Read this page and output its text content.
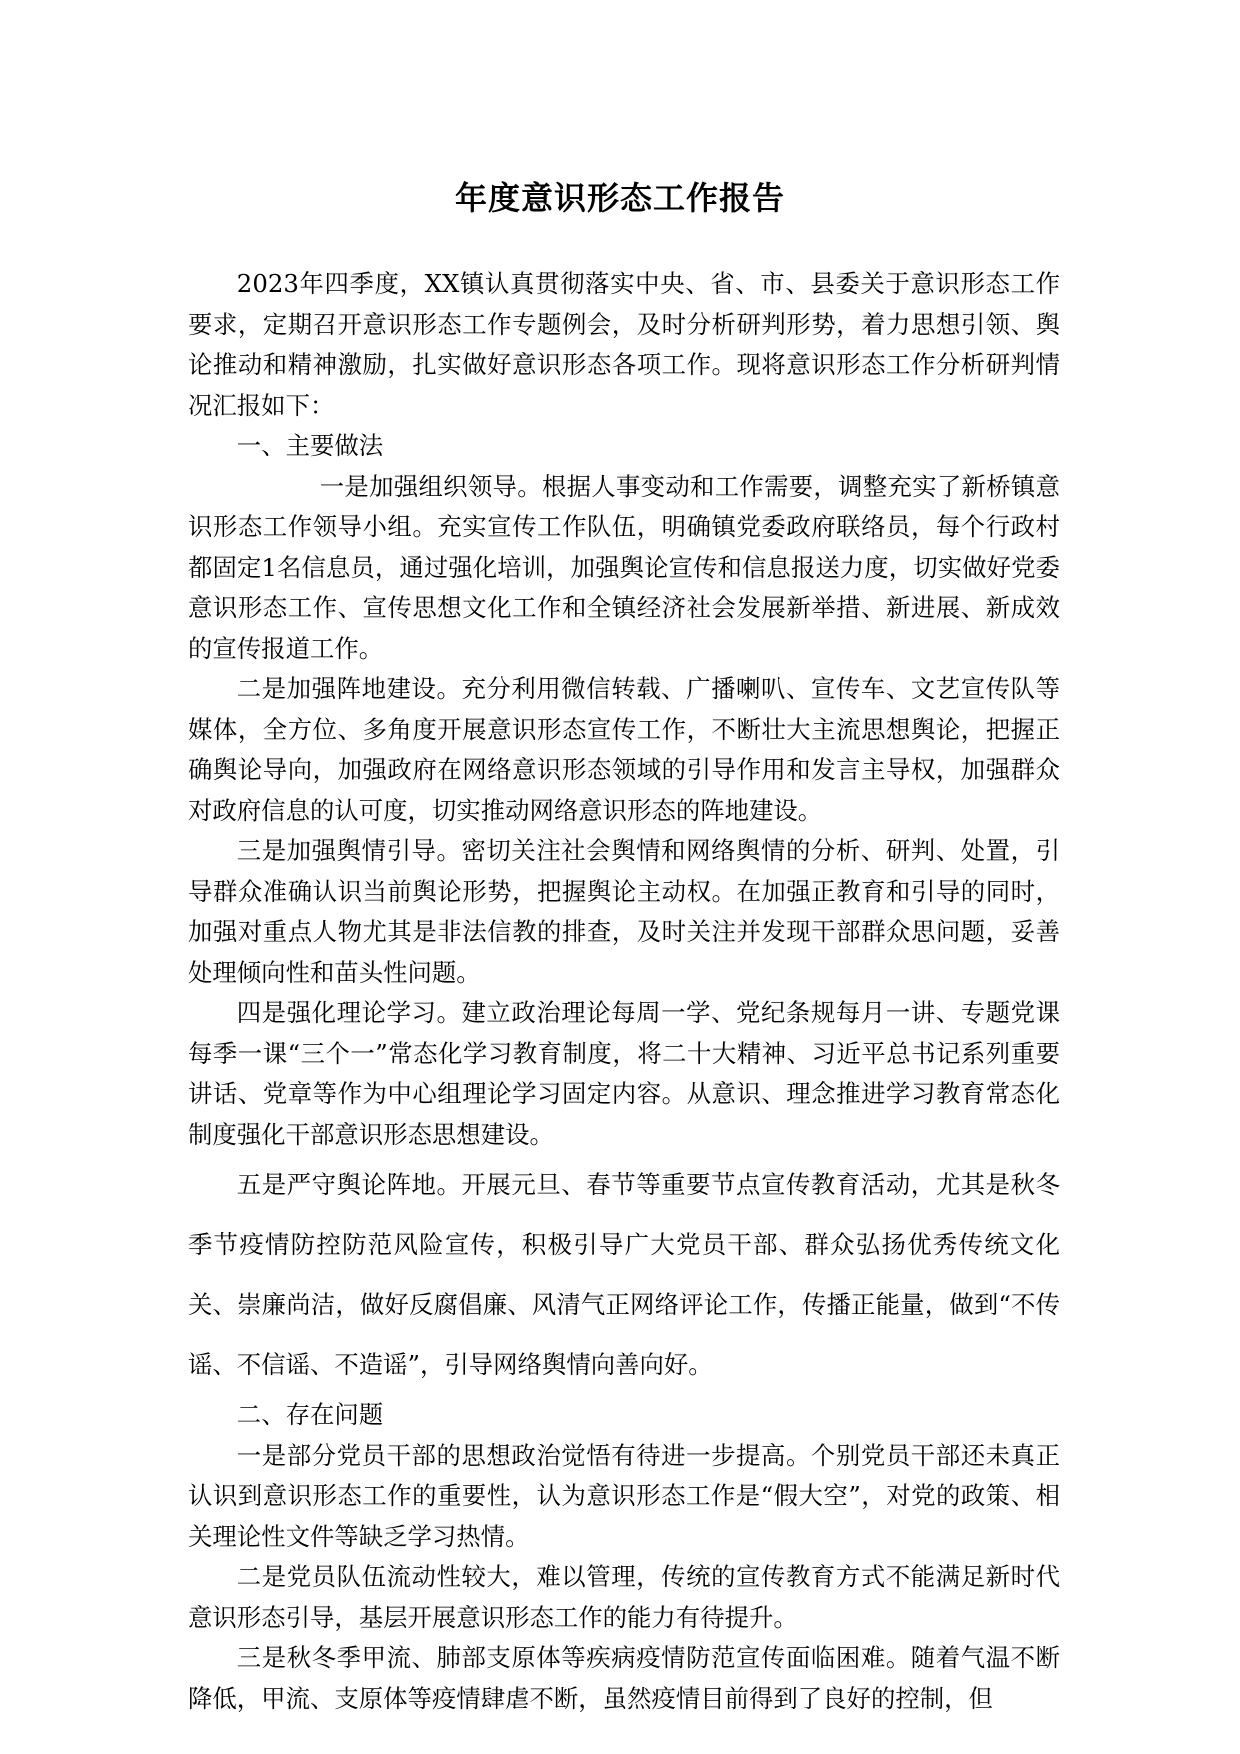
年度意识形态工作报告

2023年四季度，XX镇认真贯彻落实中央、省、市、县委关于意识形态工作要求，定期召开意识形态工作专题例会，及时分析研判形势，着力思想引领、舆论推动和精神激励，扎实做好意识形态各项工作。现将意识形态工作分析研判情况汇报如下：

一、主要做法

一是加强组织领导。根据人事变动和工作需要，调整充实了新桥镇意识形态工作领导小组。充实宣传工作队伍，明确镇党委政府联络员，每个行政村都固定1名信息员，通过强化培训，加强舆论宣传和信息报送力度，切实做好党委意识形态工作、宣传思想文化工作和全镇经济社会发展新举措、新进展、新成效的宣传报道工作。

二是加强阵地建设。充分利用微信转载、广播喇叭、宣传车、文艺宣传队等媒体，全方位、多角度开展意识形态宣传工作，不断壮大主流思想舆论，把握正确舆论导向，加强政府在网络意识形态领域的引导作用和发言主导权，加强群众对政府信息的认可度，切实推动网络意识形态的阵地建设。

三是加强舆情引导。密切关注社会舆情和网络舆情的分析、研判、处置，引导群众准确认识当前舆论形势，把握舆论主动权。在加强正教育和引导的同时，加强对重点人物尤其是非法信教的排查，及时关注并发现干部群众思问题，妥善处理倾向性和苗头性问题。

四是强化理论学习。建立政治理论每周一学、党纪条规每月一讲、专题党课每季一课“三个一”常态化学习教育制度，将二十大精神、习近平总书记系列重要讲话、党章等作为中心组理论学习固定内容。从意识、理念推进学习教育常态化制度强化干部意识形态思想建设。

五是严守舆论阵地。开展元旦、春节等重要节点宣传教育活动，尤其是秋冬季节疫情防控防范风险宣传，积极引导广大党员干部、群众弘扬优秀传统文化关、崇廉尚洁，做好反腐倡廉、风清气正网络评论工作，传播正能量，做到“不传谣、不信谣、不造谣”，引导网络舆情向善向好。

二、存在问题

一是部分党员干部的思想政治觉悟有待进一步提高。个别党员干部还未真正认识到意识形态工作的重要性，认为意识形态工作是“假大空”，对党的政策、相关理论性文件等缺乏学习热情。

二是党员队伍流动性较大，难以管理，传统的宣传教育方式不能满足新时代意识形态引导，基层开展意识形态工作的能力有待提升。

三是秋冬季甲流、肺部支原体等疾病疫情防范宣传面临困难。随着气温不断降低，甲流、支原体等疫情肆虐不断，虽然疫情目前得到了良好的控制，但
